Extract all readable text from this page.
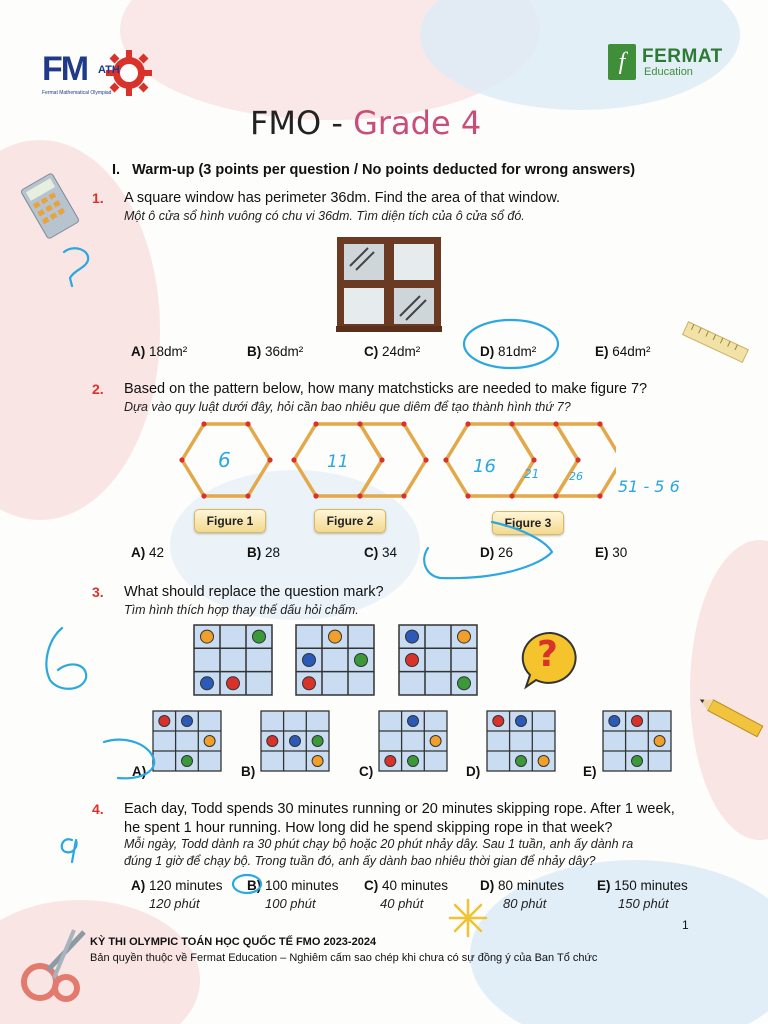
FM ATH
Fermat Mathematical Olympiad
f FERMAT
Education
FMO - Grade 4
I.   Warm-up (3 points per question / No points deducted for wrong answers)
1. A square window has perimeter 36dm. Find the area of that window.
Một ô cửa sổ hình vuông có chu vi 36dm. Tìm diện tích của ô cửa sổ đó.
A) 18dm²	B) 36dm²	C) 24dm²	D) 81dm²	E) 64dm²
2. Based on the pattern below, how many matchsticks are needed to make figure 7?
Dựa vào quy luật dưới đây, hỏi cần bao nhiêu que diêm để tạo thành hình thứ 7?
Figure 1	Figure 2	Figure 3
A) 42	B) 28	C) 34	D) 26	E) 30
3. What should replace the question mark?
Tìm hình thích hợp thay thế dấu hỏi chấm.
?
A)	B)	C)	D)	E)
4. Each day, Todd spends 30 minutes running or 20 minutes skipping rope. After 1 week,
he spent 1 hour running. How long did he spend skipping rope in that week?
Mỗi ngày, Todd dành ra 30 phút chạy bộ hoặc 20 phút nhảy dây. Sau 1 tuần, anh ấy dành ra
đúng 1 giờ để chạy bộ. Trong tuần đó, anh ấy dành bao nhiêu thời gian để nhảy dây?
A) 120 minutes B) 100 minutes C) 40 minutes D) 80 minutes E) 150 minutes
120 phút	100 phút	40 phút	80 phút	150 phút
1
KỲ THI OLYMPIC TOÁN HỌC QUỐC TẾ FMO 2023-2024
Bản quyền thuộc về Fermat Education – Nghiêm cấm sao chép khi chưa có sự đồng ý của Ban Tổ chức
6	11	16 21	26
51 - 5 6
